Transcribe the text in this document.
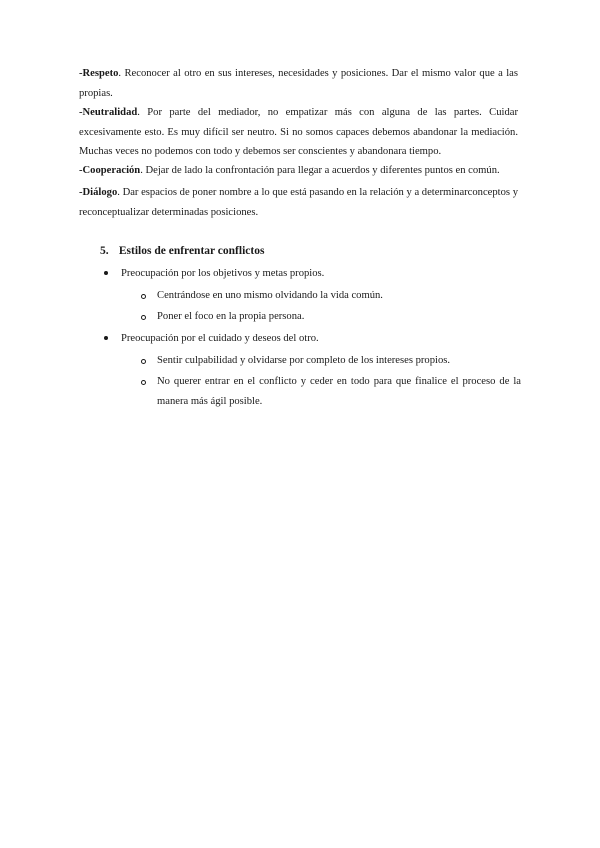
-Respeto. Reconocer al otro en sus intereses, necesidades y posiciones. Dar el mismo valor que a las propias.
-Neutralidad. Por parte del mediador, no empatizar más con alguna de las partes. Cuidar excesivamente esto. Es muy difícil ser neutro. Si no somos capaces debemos abandonar la mediación. Muchas veces no podemos con todo y debemos ser conscientes y abandonara tiempo.
-Cooperación. Dejar de lado la confrontación para llegar a acuerdos y diferentes puntos en común.
-Diálogo. Dar espacios de poner nombre a lo que está pasando en la relación y a determinarconceptos y reconceptualizar determinadas posiciones.
5. Estilos de enfrentar conflictos
Preocupación por los objetivos y metas propios.
Centrándose en uno mismo olvidando la vida común.
Poner el foco en la propia persona.
Preocupación por el cuidado y deseos del otro.
Sentir culpabilidad y olvidarse por completo de los intereses propios.
No querer entrar en el conflicto y ceder en todo para que finalice el proceso de la manera más ágil posible.
